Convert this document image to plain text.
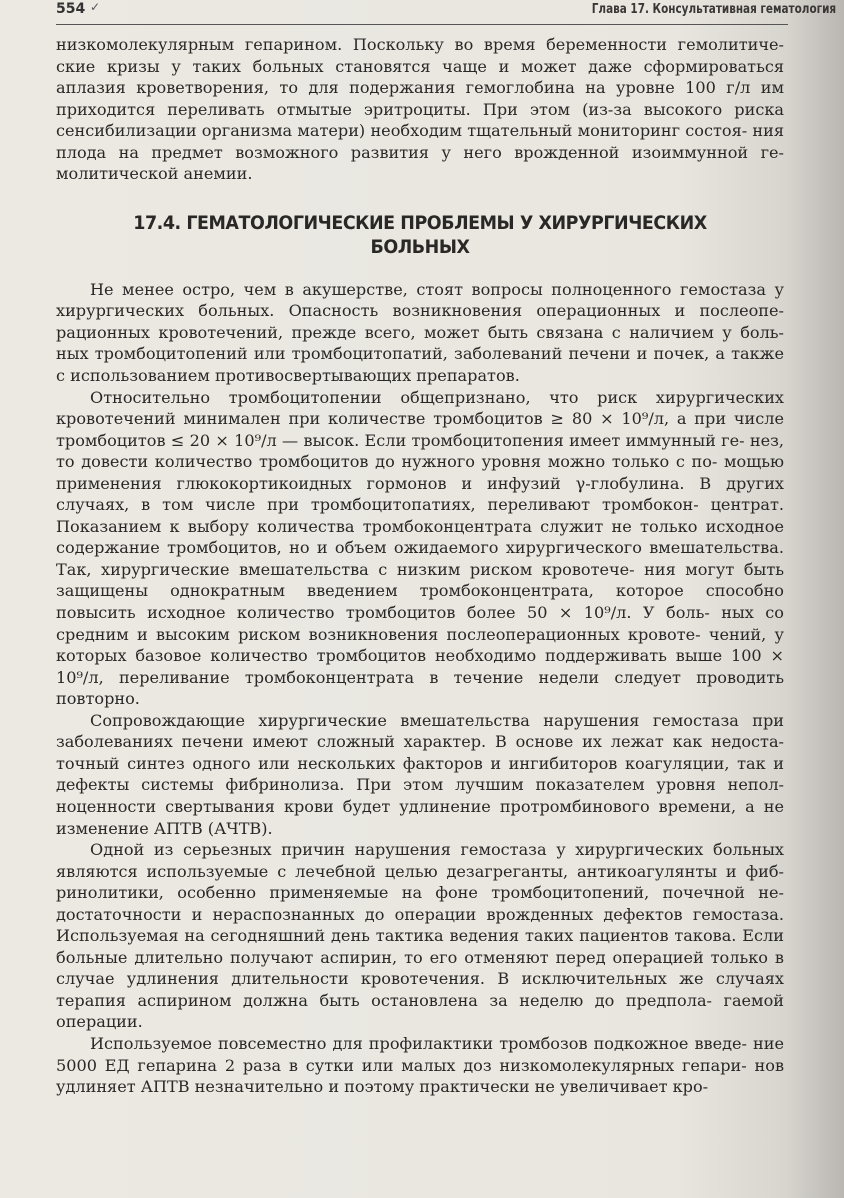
554 ✓	Глава 17. Консультативная гематология

низкомолекулярным гепарином. Поскольку во время беременности гемолитиче- ские кризы у таких больных становятся чаще и может даже сформироваться аплазия кроветворения, то для подержания гемоглобина на уровне 100 г/л им приходится переливать отмытые эритроциты. При этом (из-за высокого риска сенсибилизации организма матери) необходим тщательный мониторинг состоя- ния плода на предмет возможного развития у него врожденной изоиммунной ге- молитической анемии.

17.4. ГЕМАТОЛОГИЧЕСКИЕ ПРОБЛЕМЫ У ХИРУРГИЧЕСКИХ БОЛЬНЫХ

Не менее остро, чем в акушерстве, стоят вопросы полноценного гемостаза у хирургических больных. Опасность возникновения операционных и послеопе- рационных кровотечений, прежде всего, может быть связана с наличием у боль- ных тромбоцитопений или тромбоцитопатий, заболеваний печени и почек, а также с использованием противосвертывающих препаратов.

Относительно тромбоцитопении общепризнано, что риск хирургических кровотечений минимален при количестве тромбоцитов ≥ 80 × 10⁹/л, а при числе тромбоцитов ≤ 20 × 10⁹/л — высок. Если тромбоцитопения имеет иммунный ге- нез, то довести количество тромбоцитов до нужного уровня можно только с по- мощью применения глюкокортикоидных гормонов и инфузий γ-глобулина. В других случаях, в том числе при тромбоцитопатиях, переливают тромбокон- центрат. Показанием к выбору количества тромбоконцентрата служит не только исходное содержание тромбоцитов, но и объем ожидаемого хирургического вмешательства. Так, хирургические вмешательства с низким риском кровотече- ния могут быть защищены однократным введением тромбоконцентрата, которое способно повысить исходное количество тромбоцитов более 50 × 10⁹/л. У боль- ных со средним и высоким риском возникновения послеоперационных кровоте- чений, у которых базовое количество тромбоцитов необходимо поддерживать выше 100 × 10⁹/л, переливание тромбоконцентрата в течение недели следует проводить повторно.

Сопровождающие хирургические вмешательства нарушения гемостаза при заболеваниях печени имеют сложный характер. В основе их лежат как недоста- точный синтез одного или нескольких факторов и ингибиторов коагуляции, так и дефекты системы фибринолиза. При этом лучшим показателем уровня непол- ноценности свертывания крови будет удлинение протромбинового времени, а не изменение АПТВ (АЧТВ).

Одной из серьезных причин нарушения гемостаза у хирургических больных являются используемые с лечебной целью дезагреганты, антикоагулянты и фиб- ринолитики, особенно применяемые на фоне тромбоцитопений, почечной не- достаточности и нераспознанных до операции врожденных дефектов гемостаза. Используемая на сегодняшний день тактика ведения таких пациентов такова. Если больные длительно получают аспирин, то его отменяют перед операцией только в случае удлинения длительности кровотечения. В исключительных же случаях терапия аспирином должна быть остановлена за неделю до предпола- гаемой операции.

Используемое повсеместно для профилактики тромбозов подкожное введе- ние 5000 ЕД гепарина 2 раза в сутки или малых доз низкомолекулярных гепари- нов удлиняет АПТВ незначительно и поэтому практически не увеличивает кро-
